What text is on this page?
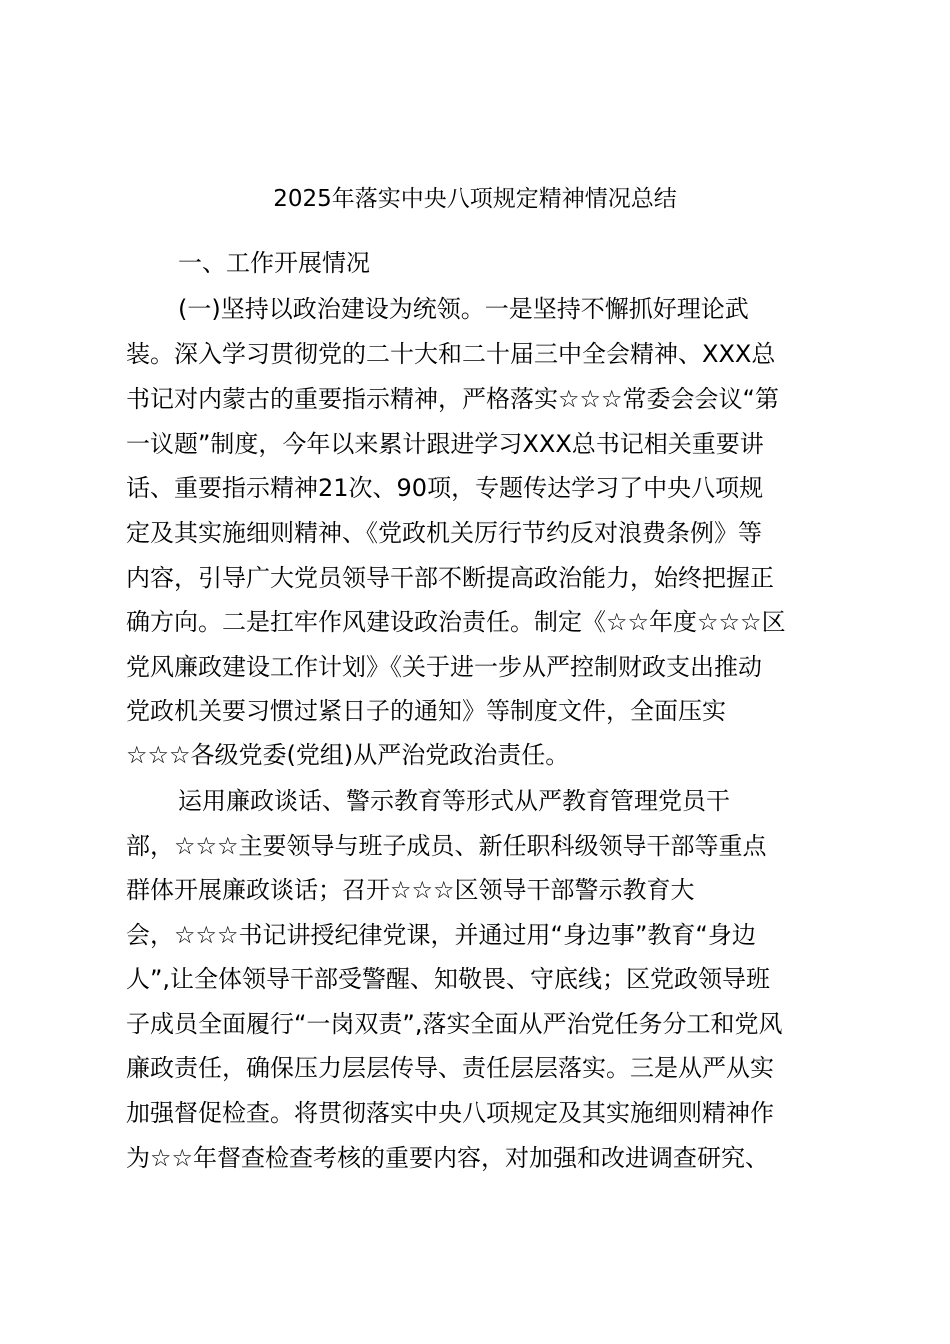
2025年落实中央八项规定精神情况总结
一、工作开展情况
(一)坚持以政治建设为统领。一是坚持不懈抓好理论武
装。深入学习贯彻党的二十大和二十届三中全会精神、XXX总
书记对内蒙古的重要指示精神，严格落实☆☆☆常委会会议“第
一议题”制度，今年以来累计跟进学习XXX总书记相关重要讲
话、重要指示精神21次、90项，专题传达学习了中央八项规
定及其实施细则精神、《党政机关厉行节约反对浪费条例》等
内容，引导广大党员领导干部不断提高政治能力，始终把握正
确方向。二是扛牢作风建设政治责任。制定《☆☆年度☆☆☆区
党风廉政建设工作计划》《关于进一步从严控制财政支出推动
党政机关要习惯过紧日子的通知》等制度文件，全面压实
☆☆☆各级党委(党组)从严治党政治责任。
运用廉政谈话、警示教育等形式从严教育管理党员干
部，☆☆☆主要领导与班子成员、新任职科级领导干部等重点
群体开展廉政谈话；召开☆☆☆区领导干部警示教育大
会，☆☆☆书记讲授纪律党课，并通过用“身边事”教育“身边
人”,让全体领导干部受警醒、知敬畏、守底线；区党政领导班
子成员全面履行“一岗双责”,落实全面从严治党任务分工和党风
廉政责任，确保压力层层传导、责任层层落实。三是从严从实
加强督促检查。将贯彻落实中央八项规定及其实施细则精神作
为☆☆年督查检查考核的重要内容，对加强和改进调查研究、
